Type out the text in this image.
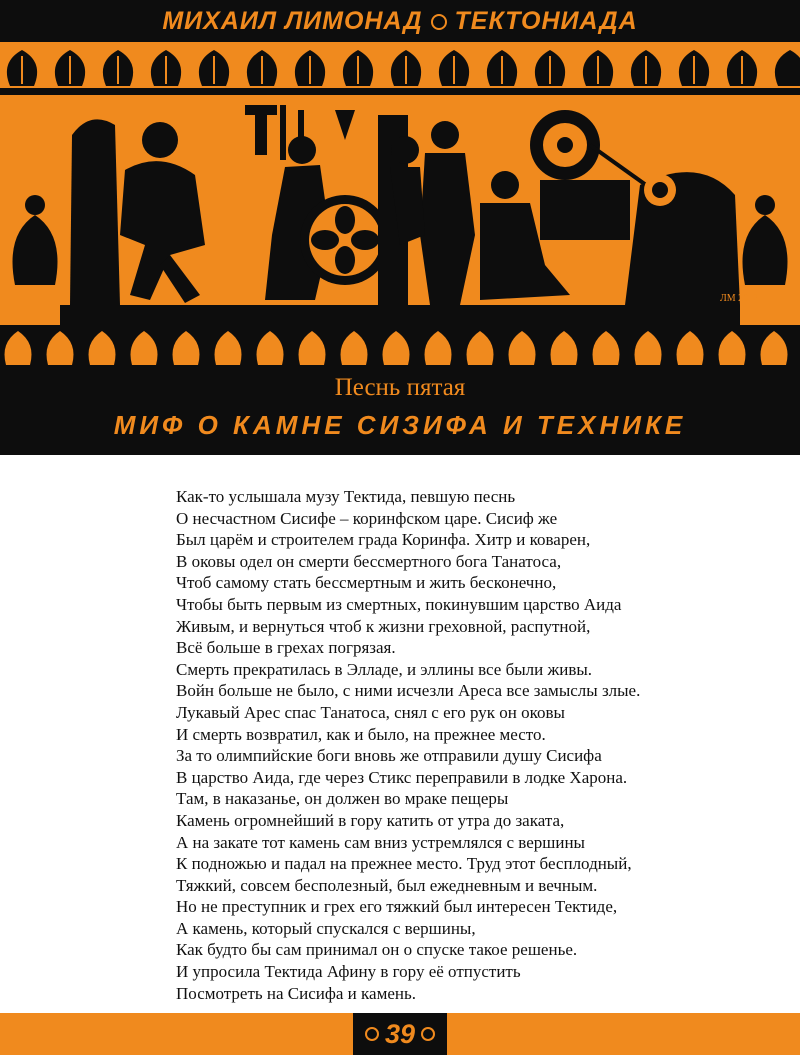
МИХАИЛ ЛИМОНАД ТЕКТОНИАДА
ЛМ 2012
Песнь пятая
МИФ О КАМНЕ СИЗИФА И ТЕХНИКЕ
Как-то услышала музу Тектида, певшую песнь
О несчастном Сисифе – коринфском царе. Сисиф же
Был царём и строителем града Коринфа. Хитр и коварен,
В оковы одел он смерти бессмертного бога Танатоса,
Чтоб самому стать бессмертным и жить бесконечно,
Чтобы быть первым из смертных, покинувшим царство Аида
Живым, и вернуться чтоб к жизни греховной, распутной,
Всё больше в грехах погрязая.
Смерть прекратилась в Элладе, и эллины все были живы.
Войн больше не было, с ними исчезли Ареса все замыслы злые.
Лукавый Арес спас Танатоса, снял с его рук он оковы
И смерть возвратил, как и было, на прежнее место.
За то олимпийские боги вновь же отправили душу Сисифа
В царство Аида, где через Стикс переправили в лодке Харона.
Там, в наказанье, он должен во мраке пещеры
Камень огромнейший в гору катить от утра до заката,
А на закате тот камень сам вниз устремлялся с вершины
К подножью и падал на прежнее место. Труд этот бесплодный,
Тяжкий, совсем бесполезный, был ежедневным и вечным.
Но не преступник и грех его тяжкий был интересен Тектиде,
А камень, который спускался с вершины,
Как будто бы сам принимал он о спуске такое решенье.
И упросила Тектида Афину в гору её отпустить
Посмотреть на Сисифа и камень.
39
